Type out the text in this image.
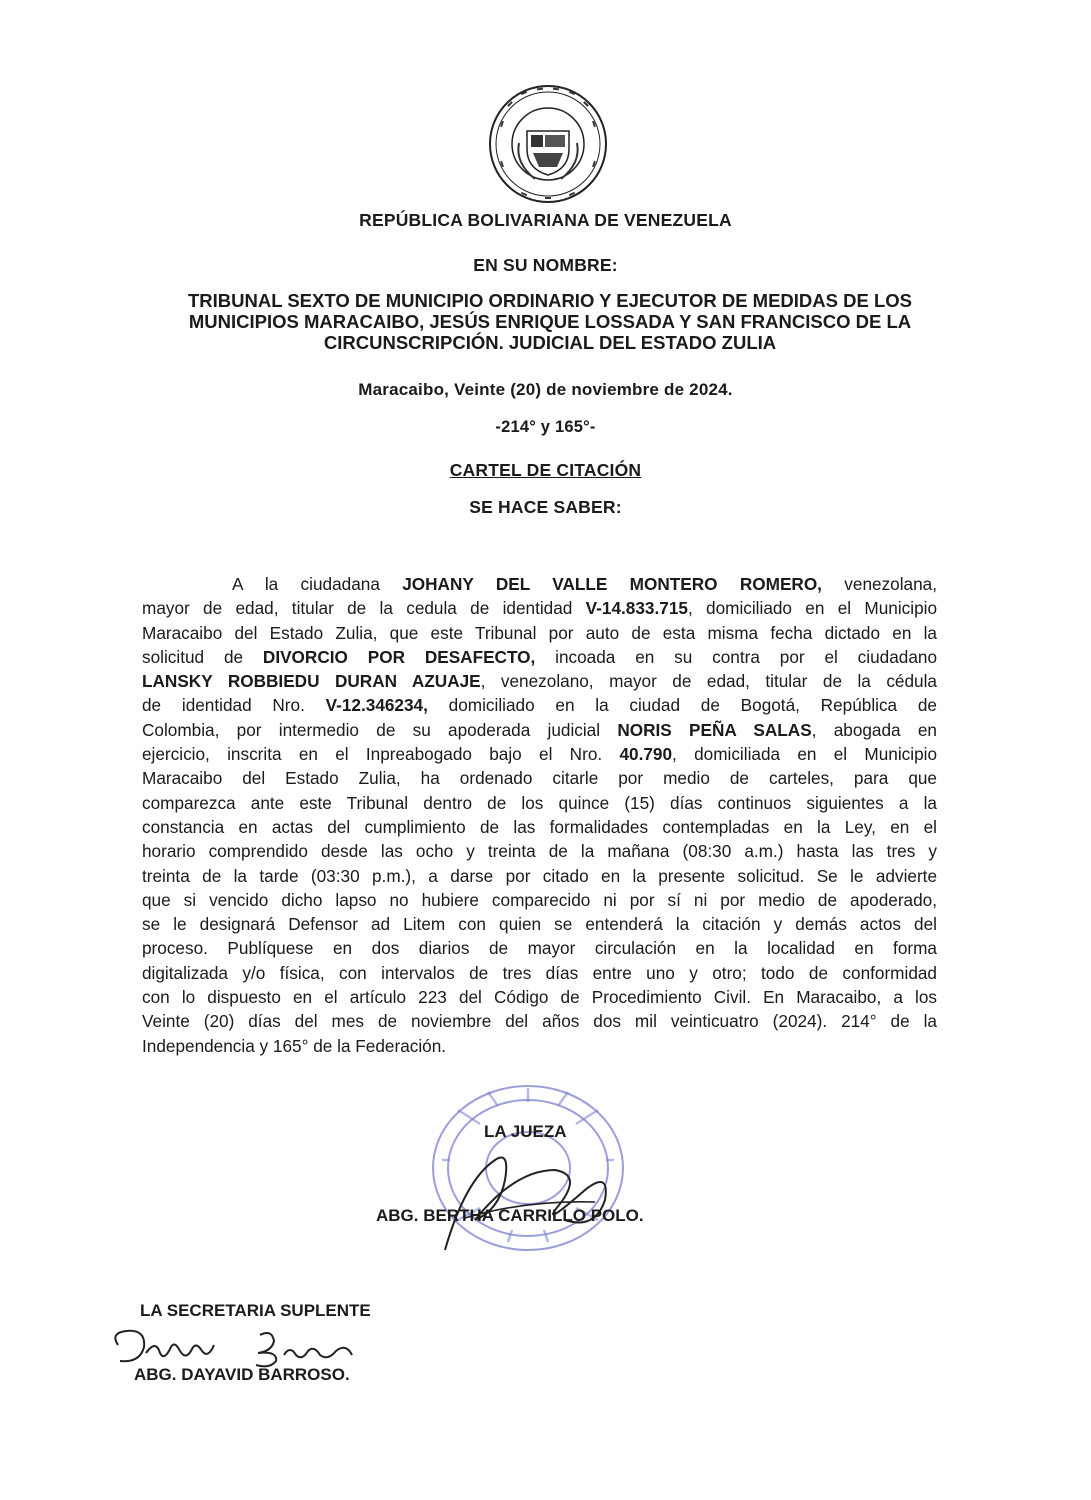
REPÚBLICA BOLIVARIANA DE VENEZUELA
EN SU NOMBRE:
TRIBUNAL SEXTO DE MUNICIPIO ORDINARIO Y EJECUTOR DE MEDIDAS DE LOS
MUNICIPIOS MARACAIBO, JESÚS ENRIQUE LOSSADA Y SAN FRANCISCO DE LA
CIRCUNSCRIPCIÓN. JUDICIAL DEL ESTADO ZULIA
Maracaibo, Veinte (20) de noviembre de 2024.
-214° y 165°-
CARTEL DE CITACIÓN
SE HACE SABER:
A la ciudadana JOHANY DEL VALLE MONTERO ROMERO, venezolana,
mayor de edad, titular de la cedula de identidad V-14.833.715, domiciliado en el Municipio
Maracaibo del Estado Zulia, que este Tribunal por auto de esta misma fecha dictado en la
solicitud de DIVORCIO POR DESAFECTO, incoada en su contra por el ciudadano
LANSKY ROBBIEDU DURAN AZUAJE, venezolano, mayor de edad, titular de la cédula
de identidad Nro. V-12.346234, domiciliado en la ciudad de Bogotá, República de
Colombia, por intermedio de su apoderada judicial NORIS PEÑA SALAS, abogada en
ejercicio, inscrita en el Inpreabogado bajo el Nro. 40.790, domiciliada en el Municipio
Maracaibo del Estado Zulia, ha ordenado citarle por medio de carteles, para que
comparezca ante este Tribunal dentro de los quince (15) días continuos siguientes a la
constancia en actas del cumplimiento de las formalidades contempladas en la Ley, en el
horario comprendido desde las ocho y treinta de la mañana (08:30 a.m.) hasta las tres y
treinta de la tarde (03:30 p.m.), a darse por citado en la presente solicitud. Se le advierte
que si vencido dicho lapso no hubiere comparecido ni por sí ni por medio de apoderado,
se le designará Defensor ad Litem con quien se entenderá la citación y demás actos del
proceso. Publíquese en dos diarios de mayor circulación en la localidad en forma
digitalizada y/o física, con intervalos de tres días entre uno y otro; todo de conformidad
con lo dispuesto en el artículo 223 del Código de Procedimiento Civil. En Maracaibo, a los
Veinte (20) días del mes de noviembre del años dos mil veinticuatro (2024). 214° de la
Independencia y 165° de la Federación.
LA JUEZA
ABG. BERTHA CARRILLO POLO.
LA SECRETARIA SUPLENTE
ABG. DAYAVID BARROSO.
